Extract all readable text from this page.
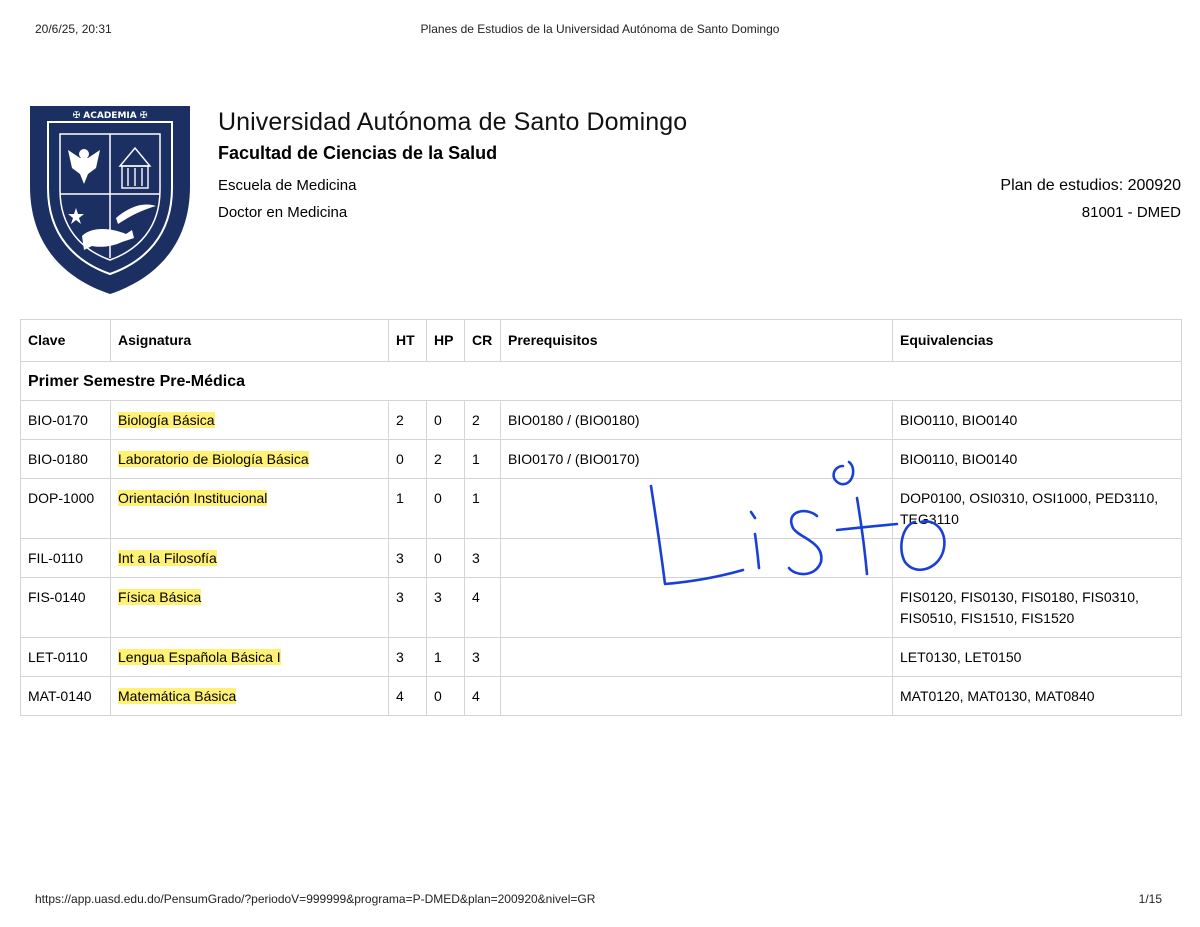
20/6/25, 20:31	Planes de Estudios de la Universidad Autónoma de Santo Domingo
✠ ACADEMIA ✠	Universidad Autónoma de Santo Domingo
Facultad de Ciencias de la Salud
Escuela de Medicina	Plan de estudios: 200920
Doctor en Medicina	81001 - DMED
Clave	Asignatura	HT	HP	CR	Prerequisitos	Equivalencias
Primer Semestre Pre-Médica						
BIO-0170	Biología Básica	2	0	2	BIO0180 / (BIO0180)	BIO0110, BIO0140
BIO-0180	Laboratorio de Biología Básica	0	2	1	BIO0170 / (BIO0170)	BIO0110, BIO0140
DOP-1000	Orientación Institucional	1	0	1		DOP0100, OSI0310, OSI1000, PED3110, TEG3110
FIL-0110	Int a la Filosofía	3	0	3		
FIS-0140	Física Básica	3	3	4		FIS0120, FIS0130, FIS0180, FIS0310, FIS0510, FIS1510, FIS1520
LET-0110	Lengua Española Básica I	3	1	3		LET0130, LET0150
MAT-0140	Matemática Básica	4	0	4		MAT0120, MAT0130, MAT0840
https://app.uasd.edu.do/PensumGrado/?periodoV=999999&programa=P-DMED&plan=200920&nivel=GR	1/15
